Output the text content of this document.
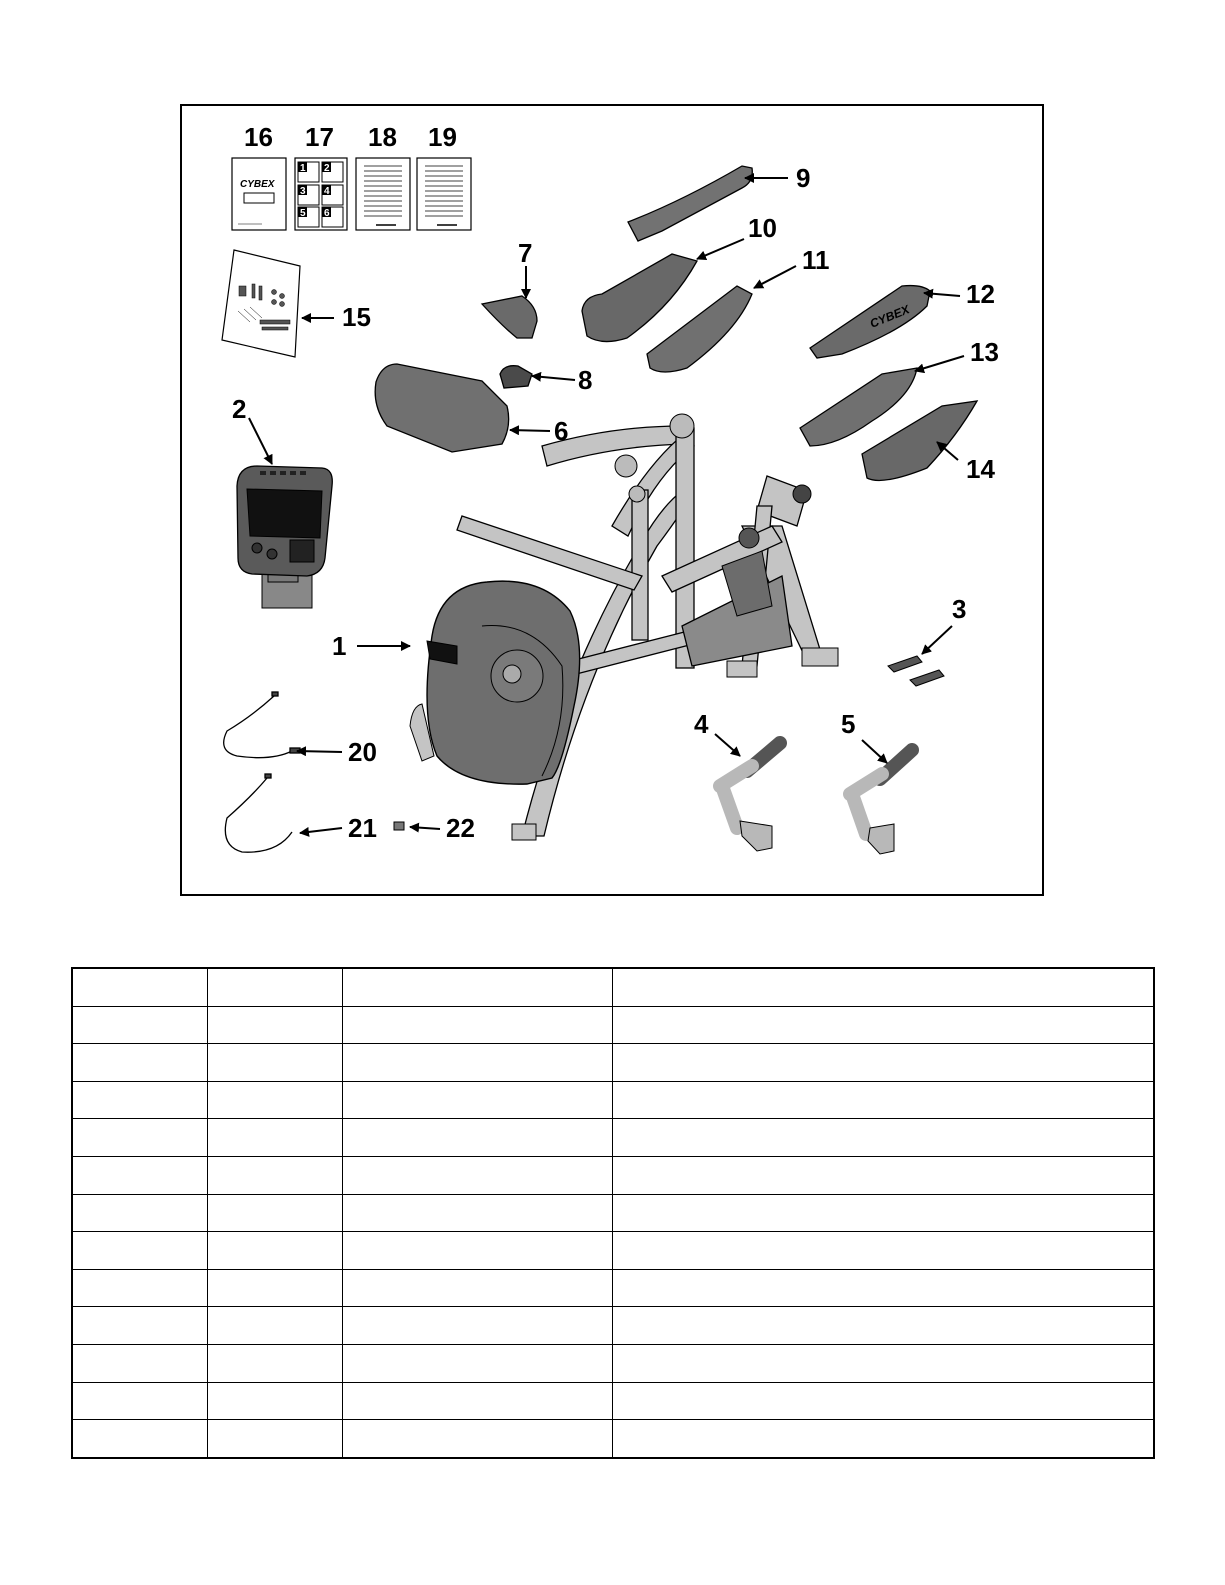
CYBEX
1 2
3 4
5 6
CYBEX
1
2
3
4	5
6
7
8
9
10
11
12
13
14
15
16 17 18 19
20
21	22
